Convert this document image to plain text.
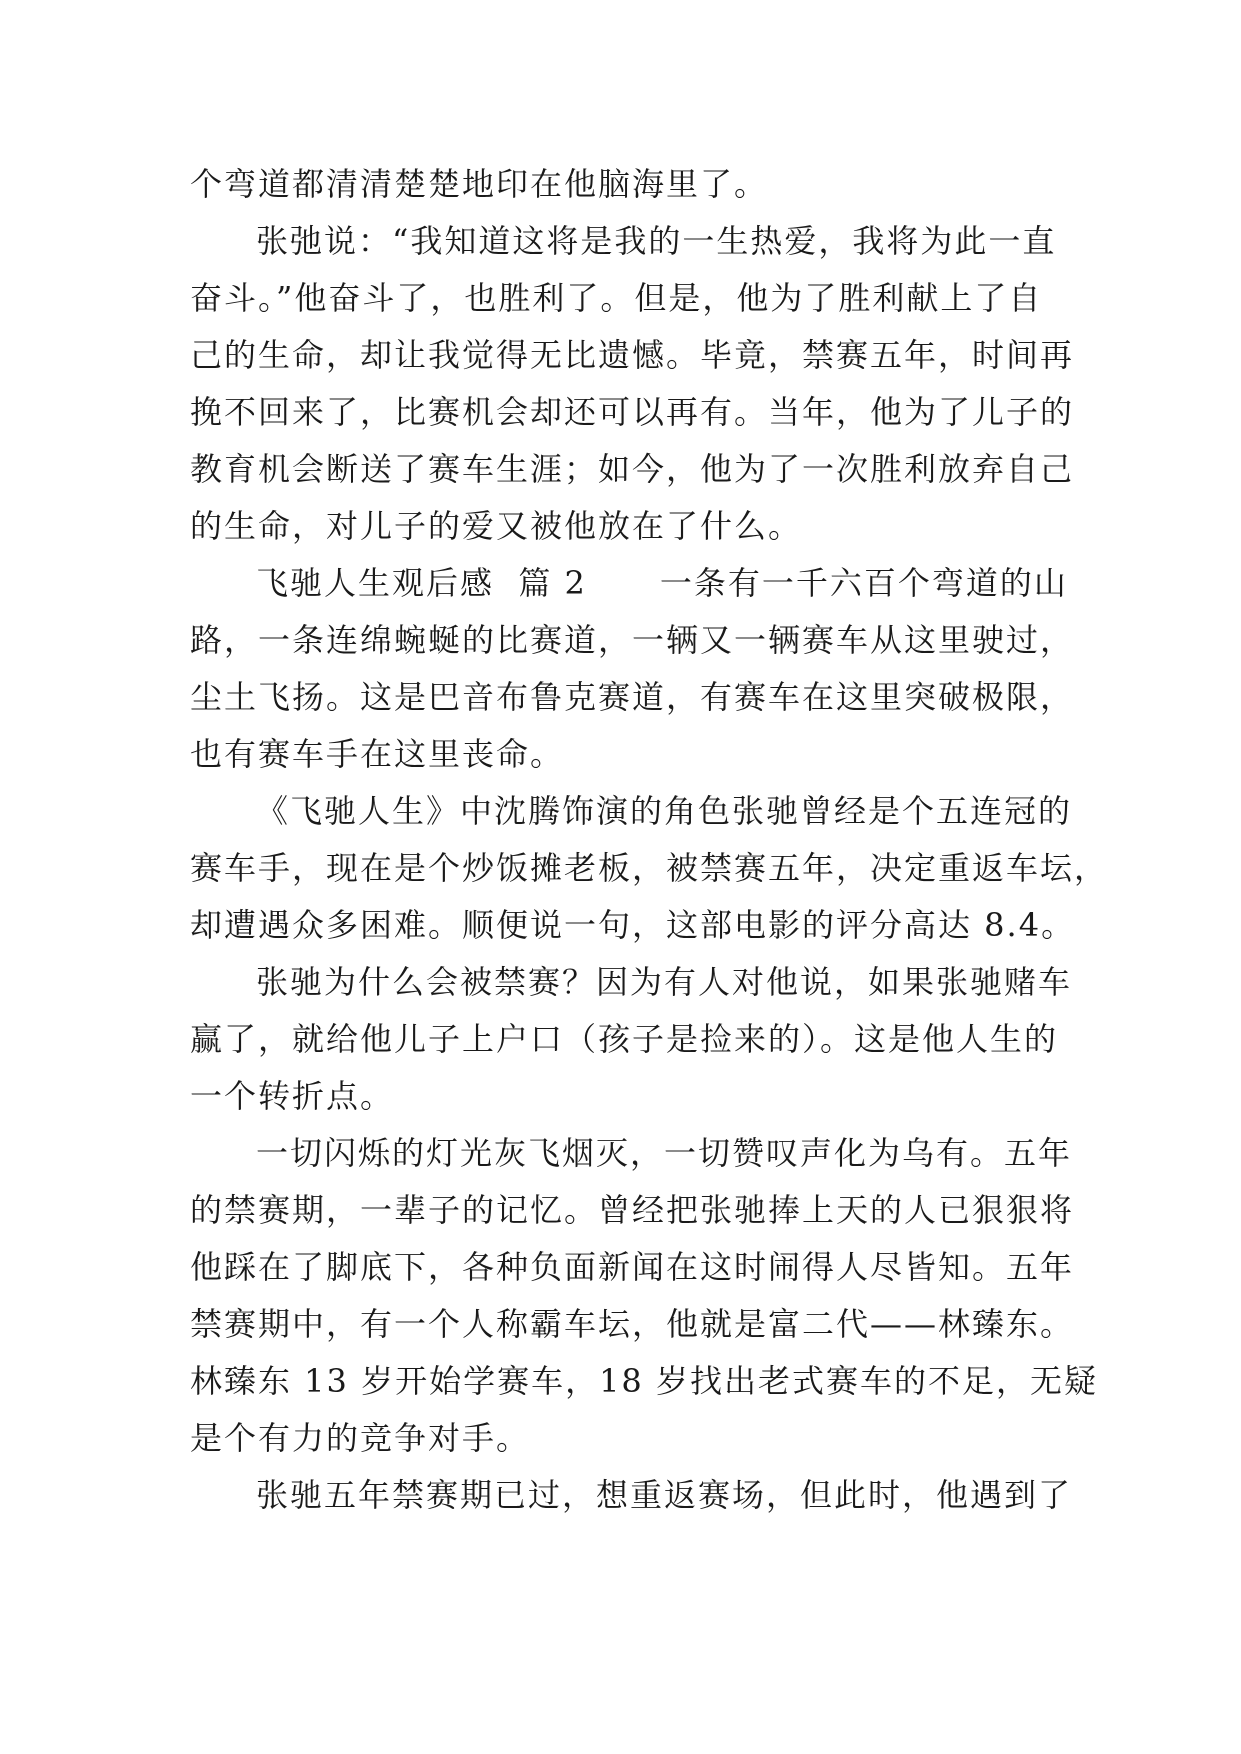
个弯道都清清楚楚地印在他脑海里了。
张弛说：“我知道这将是我的一生热爱，我将为此一直
奋斗。”他奋斗了，也胜利了。但是，他为了胜利献上了自
己的生命，却让我觉得无比遗憾。毕竟，禁赛五年，时间再
挽不回来了，比赛机会却还可以再有。当年，他为了儿子的
教育机会断送了赛车生涯；如今，他为了一次胜利放弃自己
的生命，对儿子的爱又被他放在了什么。
飞驰人生观后感  篇 2      一条有一千六百个弯道的山
路，一条连绵蜿蜒的比赛道，一辆又一辆赛车从这里驶过，
尘土飞扬。这是巴音布鲁克赛道，有赛车在这里突破极限，
也有赛车手在这里丧命。
《飞驰人生》中沈腾饰演的角色张驰曾经是个五连冠的
赛车手，现在是个炒饭摊老板，被禁赛五年，决定重返车坛，
却遭遇众多困难。顺便说一句，这部电影的评分高达 8.4。
张驰为什么会被禁赛？因为有人对他说，如果张驰赌车
赢了，就给他儿子上户口（孩子是捡来的）。这是他人生的
一个转折点。
一切闪烁的灯光灰飞烟灭，一切赞叹声化为乌有。五年
的禁赛期，一辈子的记忆。曾经把张驰捧上天的人已狠狠将
他踩在了脚底下，各种负面新闻在这时闹得人尽皆知。五年
禁赛期中，有一个人称霸车坛，他就是富二代——林臻东。
林臻东 13 岁开始学赛车，18 岁找出老式赛车的不足，无疑
是个有力的竞争对手。
张驰五年禁赛期已过，想重返赛场，但此时，他遇到了
